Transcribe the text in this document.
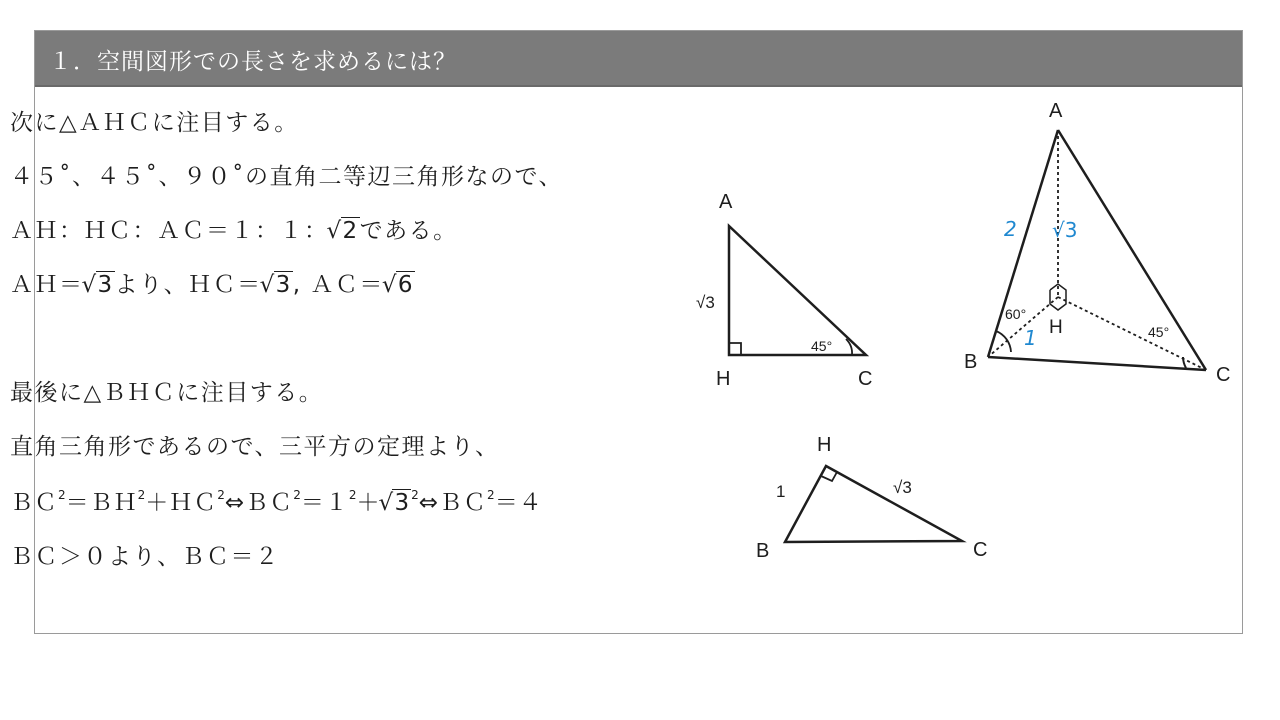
１．空間図形での長さを求めるには？
次に△ＡＨＣに注目する。
４５˚、４５˚、９０˚の直角二等辺三角形なので、
ＡＨ：ＨＣ：ＡＣ＝１：１：√ 2である。
ＡＨ＝√ 3より、ＨＣ＝√ 3, ＡＣ＝√ 6
最後に△ＢＨＣに注目する。
直角三角形であるので、三平方の定理より、
$BC^2=BH^2+HC^2\Leftrightarrow BC^2=1^2+√$ $3^2\Leftrightarrow BC^2=4$
ＢＣ＞０より、ＢＣ＝２
A
H	C
√3
45°
A
B
C
H
60°
45°
2 √3
1
H
B	C
1	√3
